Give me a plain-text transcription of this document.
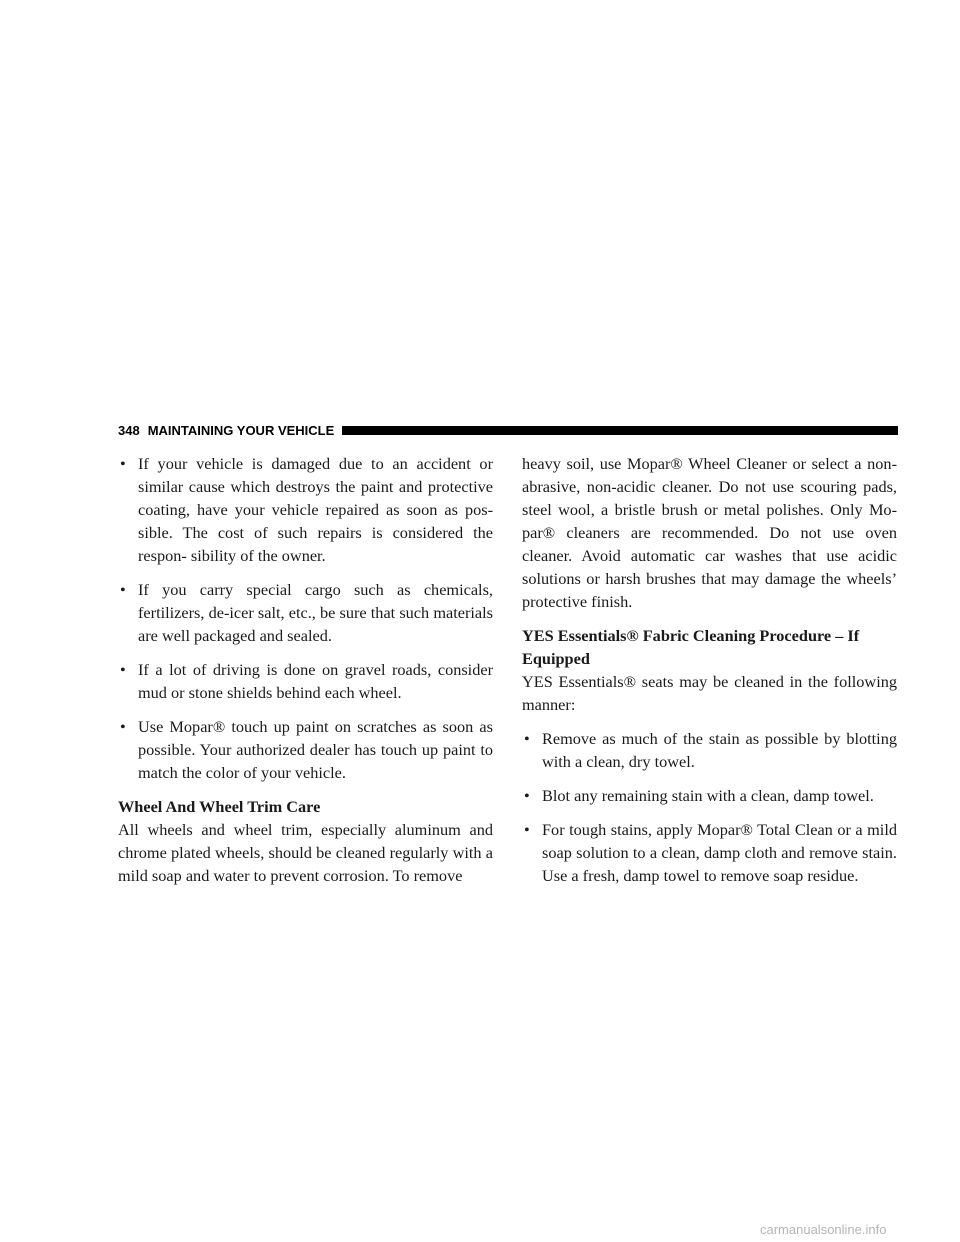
348 MAINTAINING YOUR VEHICLE
• If your vehicle is damaged due to an accident or similar cause which destroys the paint and protective coating, have your vehicle repaired as soon as pos- sible. The cost of such repairs is considered the respon- sibility of the owner.
• If you carry special cargo such as chemicals, fertilizers, de-icer salt, etc., be sure that such materials are well packaged and sealed.
• If a lot of driving is done on gravel roads, consider mud or stone shields behind each wheel.
• Use Mopar® touch up paint on scratches as soon as possible. Your authorized dealer has touch up paint to match the color of your vehicle.

Wheel And Wheel Trim Care

All wheels and wheel trim, especially aluminum and chrome plated wheels, should be cleaned regularly with a mild soap and water to prevent corrosion. To remove

heavy soil, use Mopar® Wheel Cleaner or select a non- abrasive, non-acidic cleaner. Do not use scouring pads, steel wool, a bristle brush or metal polishes. Only Mo- par® cleaners are recommended. Do not use oven cleaner. Avoid automatic car washes that use acidic solutions or harsh brushes that may damage the wheels’ protective finish.

YES Essentials® Fabric Cleaning Procedure – If Equipped

YES Essentials® seats may be cleaned in the following manner:

• Remove as much of the stain as possible by blotting with a clean, dry towel.
• Blot any remaining stain with a clean, damp towel.
• For tough stains, apply Mopar® Total Clean or a mild soap solution to a clean, damp cloth and remove stain. Use a fresh, damp towel to remove soap residue.
carmanualsonline.info
